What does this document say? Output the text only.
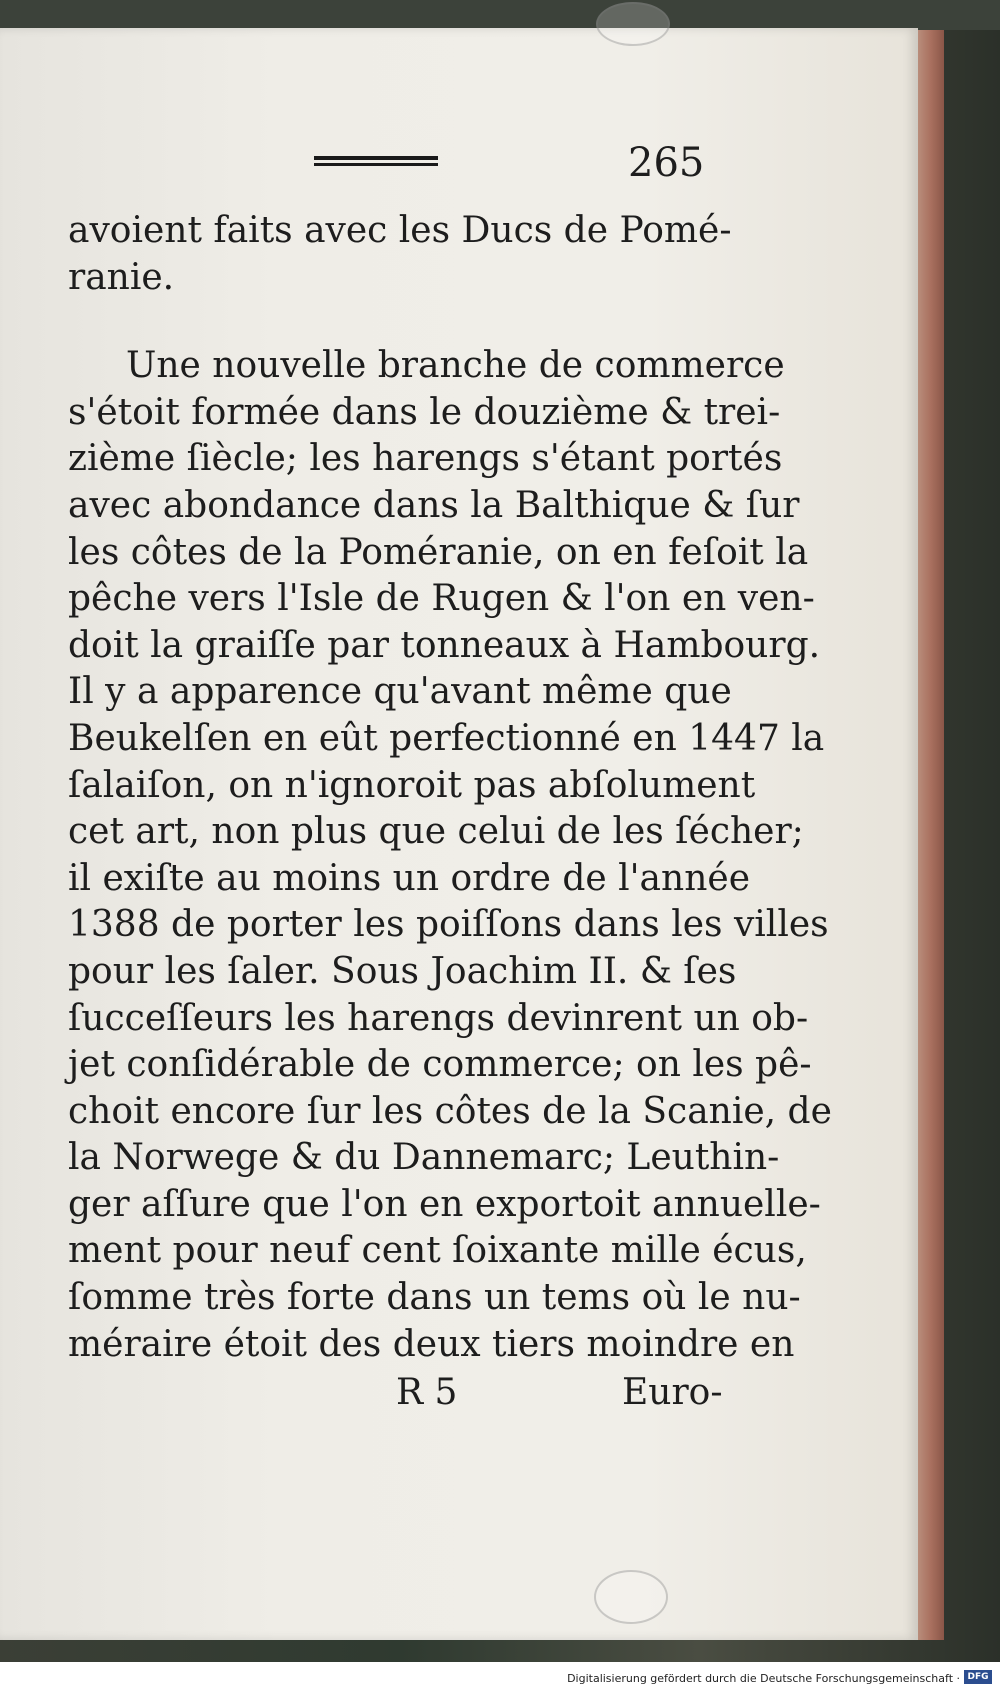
265
avoient faits avec les Ducs de Pomé-
ranie.
Une nouvelle branche de commerce
s'étoit formée dans le douzième & trei-
zième ſiècle; les harengs s'étant portés
avec abondance dans la Balthique & ſur
les côtes de la Poméranie, on en feſoit la
pêche vers l'Isle de Rugen & l'on en ven-
doit la graiſſe par tonneaux à Hambourg.
Il y a apparence qu'avant même que
Beukelſen en eût perfectionné en 1447 la
ſalaiſon, on n'ignoroit pas abſolument
cet art, non plus que celui de les ſécher;
il exiſte au moins un ordre de l'année
1388 de porter les poiſſons dans les villes
pour les ſaler. Sous Joachim II. & ſes
ſucceſſeurs les harengs devinrent un ob-
jet conſidérable de commerce; on les pê-
choit encore ſur les côtes de la Scanie, de
la Norwege & du Dannemarc; Leuthin-
ger aſſure que l'on en exportoit annuelle-
ment pour neuf cent ſoixante mille écus,
ſomme très forte dans un tems où le nu-
méraire étoit des deux tiers moindre en
R 5	Euro-
Digitalisierung gefördert durch die Deutsche Forschungsgemeinschaft · DFG
